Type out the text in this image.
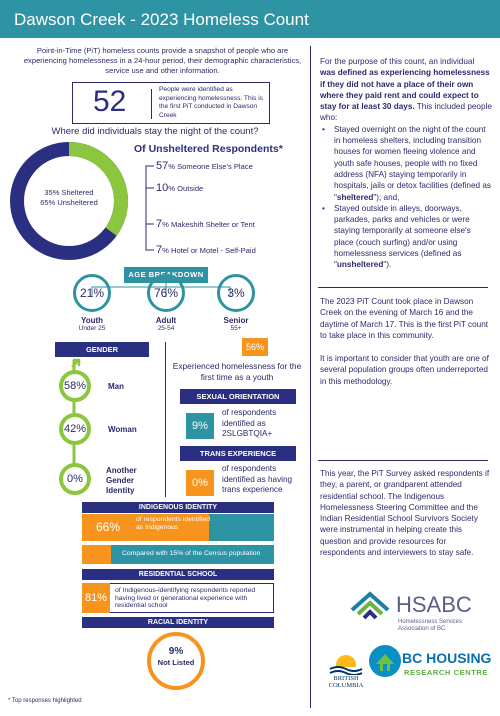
Dawson Creek - 2023 Homeless Count
Point-in-Time (PiT) homeless counts provide a snapshot of people who are experiencing homelessness in a 24-hour period, their demographic characteristics, service use and other information.
52	People were identified as experiencing homelessness. This is the first PiT conducted in Dawson Creek
Where did individuals stay the night of the count?
35% Sheltered
65% Unsheltered
Of Unsheltered Respondents*
57% Someone Else's Place
10% Outside
7% Makeshift Shelter or Tent
7% Hotel or Motel - Self-Paid
AGE BREAKDOWN
21%	76%	3%
Youth
Under 25
Adult
25-54
Senior
55+
GENDER
58%
42%
0%
Man
Woman
Another Gender Identity
56%
Experienced homelessness for the first time as a youth
SEXUAL ORIENTATION
9%
of respondents identified as 2SLGBTQIA+
TRANS EXPERIENCE
0%
of respondents identified as having trans experience
INDIGENOUS IDENTITY
66%
of respondents identified as Indigenous
Compared with 15% of the Census population
RESIDENTIAL SCHOOL
81%
of Indigenous-identifying respondents reported having lived or generational experience with residential school
RACIAL IDENTITY
9%
Not Listed
* Top responses highlighted
For the purpose of this count, an individual was defined as experiencing homelessness if they did not have a place of their own where they paid rent and could expect to stay for at least 30 days. This included people who:
• Stayed overnight on the night of the count in homeless shelters, including transition houses for women fleeing violence and youth safe houses, people with no fixed address (NFA) staying temporarily in hospitals, jails or detox facilities (defined as "sheltered"); and,
• Stayed outside in alleys, doorways, parkades, parks and vehicles or were staying temporarily at someone else's place (couch surfing) and/or using homelessness services (defined as "unsheltered").
The 2023 PiT Count took place in Dawson Creek on the evening of March 16 and the daytime of March 17. This is the first PiT count to take place in this community.
It is important to consider that youth are one of several population groups often underreported in this methodology.
This year, the PiT Survey asked respondents if they, a parent, or grandparent attended residential school. The Indigenous Homelessness Steering Committee and the Indian Residential School Survivors Society were instrumental in helping create this question and provide resources for respondents and interviewers to stay safe.
HSABC
Homelessness Services
Association of BC
BRITISH
COLUMBIA
BC HOUSING
RESEARCH CENTRE
